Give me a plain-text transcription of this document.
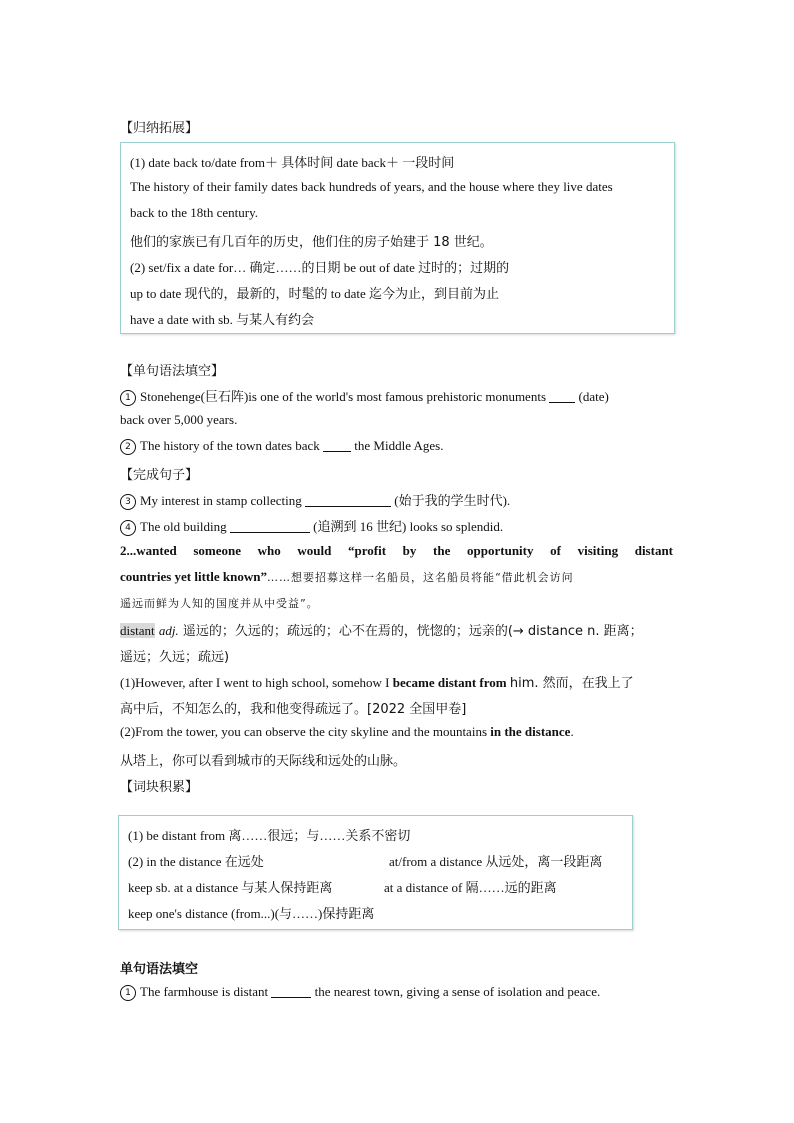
【归纳拓展】
(1) date back to/date from＋ 具体时间 date back＋ 一段时间
The history of their family dates back hundreds of years, and the house where they live dates
back to the 18th century.
他们的家族已有几百年的历史，他们住的房子始建于 18 世纪。
(2) set/fix a date for… 确定……的日期 be out of date 过时的；过期的
up to date 现代的，最新的，时髦的 to date 迄今为止，到目前为止
have a date with sb. 与某人有约会
【单句语法填空】
1 Stonehenge(巨石阵)is one of the world's most famous prehistoric monuments	(date)
back over 5,000 years.
2 The history of the town dates back	the Middle Ages.
【完成句子】
3 My interest in stamp collecting	(始于我的学生时代).
4 The old building	(追溯到 16 世纪) looks so splendid.
2...wanted someone who would “profit by the opportunity of visiting distant
countries yet little known”……想要招募这样一名船员，这名船员将能“借此机会访问
遥远而鲜为人知的国度并从中受益”。
distant adj. 遥远的；久远的；疏远的；心不在焉的，恍惚的；远亲的(→ distance n. 距离；
遥远；久远；疏远)
(1)However, after I went to high school, somehow I became distant from him. 然而，在我上了
高中后，不知怎么的，我和他变得疏远了。[2022 全国甲卷]
(2)From the tower, you can observe the city skyline and the mountains in the distance.
从塔上，你可以看到城市的天际线和远处的山脉。
【词块积累】
(1) be distant from 离……很远；与……关系不密切
(2) in the distance 在远处	at/from a distance 从远处，离一段距离
keep sb. at a distance 与某人保持距离	at a distance of 隔……远的距离
keep one's distance (from...)(与……)保持距离
单句语法填空
1 The farmhouse is distant	the nearest town, giving a sense of isolation and peace.
